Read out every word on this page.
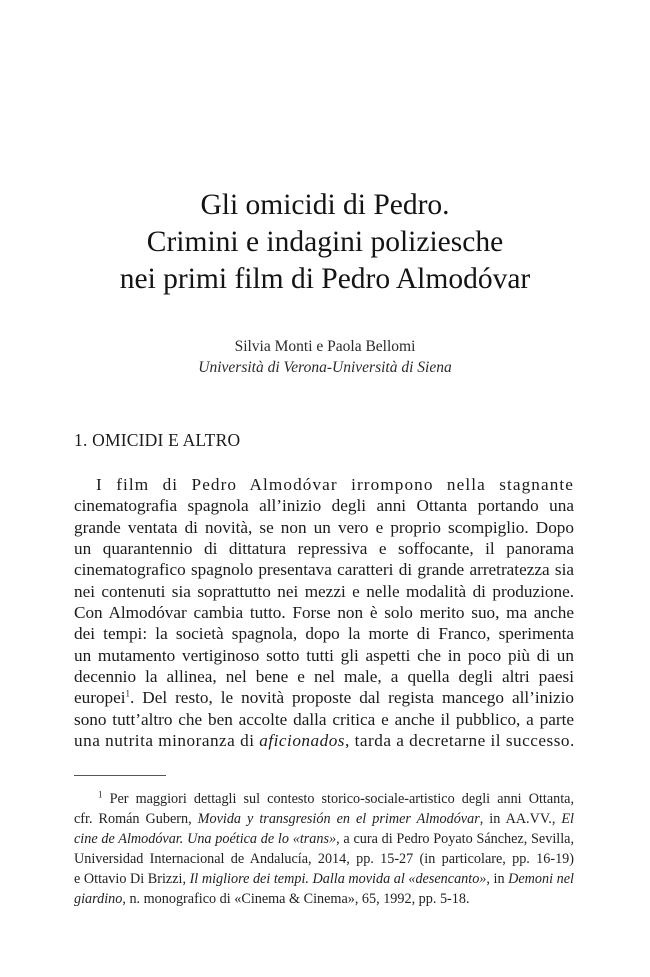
Gli omicidi di Pedro.
Crimini e indagini poliziesche
nei primi film di Pedro Almodóvar
Silvia Monti e Paola Bellomi
Università di Verona-Università di Siena
1. OMICIDI E ALTRO
I film di Pedro Almodóvar irrompono nella stagnante
cinematografia spagnola all’inizio degli anni Ottanta portando una
grande ventata di novità, se non un vero e proprio scompiglio. Dopo
un quarantennio di dittatura repressiva e soffocante, il panorama
cinematografico spagnolo presentava caratteri di grande arretratezza sia
nei contenuti sia soprattutto nei mezzi e nelle modalità di produzione.
Con Almodóvar cambia tutto. Forse non è solo merito suo, ma anche
dei tempi: la società spagnola, dopo la morte di Franco, sperimenta
un mutamento vertiginoso sotto tutti gli aspetti che in poco più di un
decennio la allinea, nel bene e nel male, a quella degli altri paesi
europei$^1$. Del resto, le novità proposte dal regista mancego all’inizio
sono tutt’altro che ben accolte dalla critica e anche il pubblico, a parte
una nutrita minoranza di aficionados, tarda a decretarne il successo.
$^1$ Per maggiori dettagli sul contesto storico-sociale-artistico degli anni Ottanta,
cfr. Román Gubern, Movida y transgresión en el primer Almodóvar, in AA.VV., El
cine de Almodóvar. Una poética de lo «trans», a cura di Pedro Poyato Sánchez, Sevilla,
Universidad Internacional de Andalucía, 2014, pp. 15-27 (in particolare, pp. 16-19)
e Ottavio Di Brizzi, Il migliore dei tempi. Dalla movida al «desencanto», in Demoni nel
giardino, n. monografico di «Cinema & Cinema», 65, 1992, pp. 5-18.
